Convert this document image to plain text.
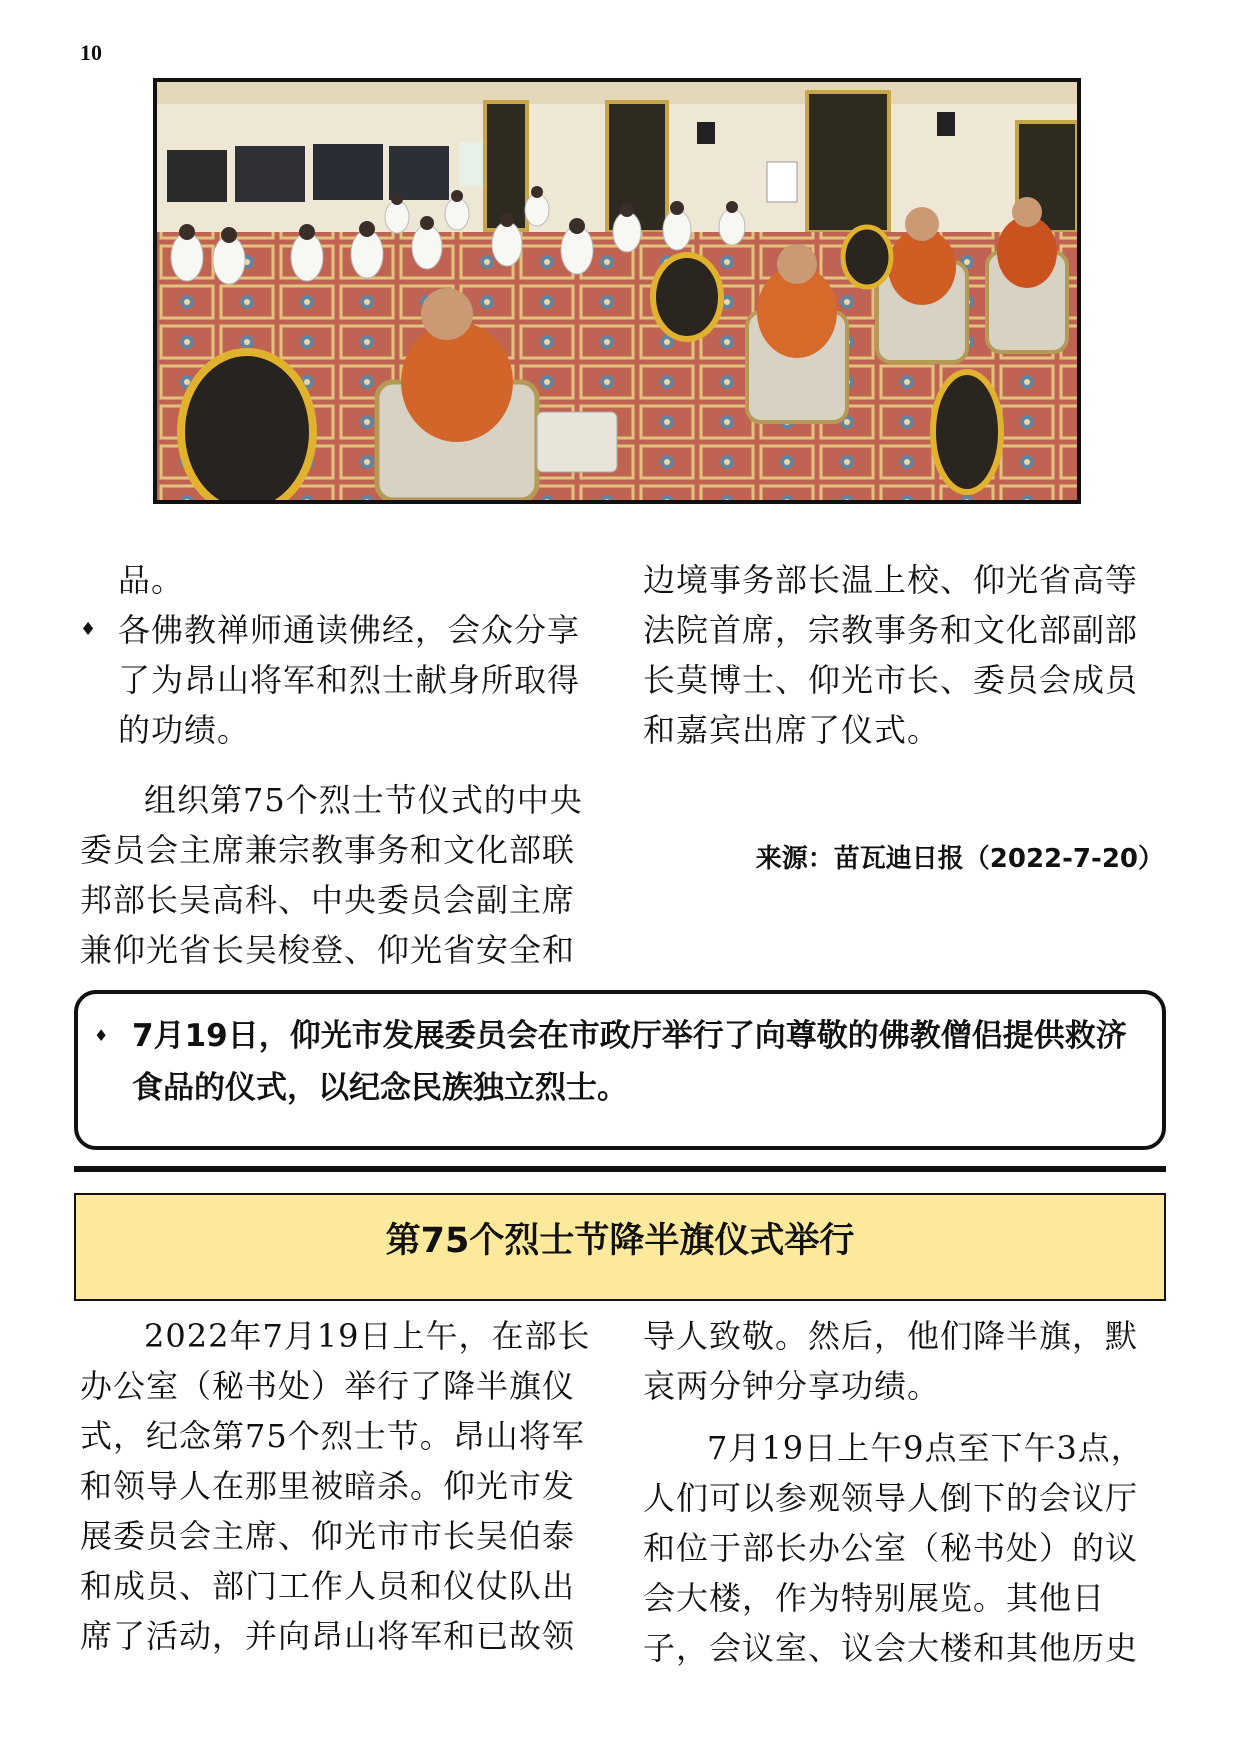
10

品。

♦ 各佛教禅师通读佛经，会众分享了为昂山将军和烈士献身所取得的功绩。

组织第75个烈士节仪式的中央委员会主席兼宗教事务和文化部联邦部长吴高科、中央委员会副主席兼仰光省长吴梭登、仰光省安全和

边境事务部长温上校、仰光省高等法院首席，宗教事务和文化部副部长莫博士、仰光市长、委员会成员和嘉宾出席了仪式。

来源：苗瓦迪日报（2022-7-20）
♦ 7月19日，仰光市发展委员会在市政厅举行了向尊敬的佛教僧侣提供救济食品的仪式，以纪念民族独立烈士。

第75个烈士节降半旗仪式举行

2022年7月19日上午，在部长办公室（秘书处）举行了降半旗仪式，纪念第75个烈士节。昂山将军和领导人在那里被暗杀。仰光市发展委员会主席、仰光市市长吴伯泰和成员、部门工作人员和仪仗队出席了活动，并向昂山将军和已故领

导人致敬。然后，他们降半旗，默哀两分钟分享功绩。

7月19日上午9点至下午3点，人们可以参观领导人倒下的会议厅和位于部长办公室（秘书处）的议会大楼，作为特别展览。其他日子，会议室、议会大楼和其他历史
